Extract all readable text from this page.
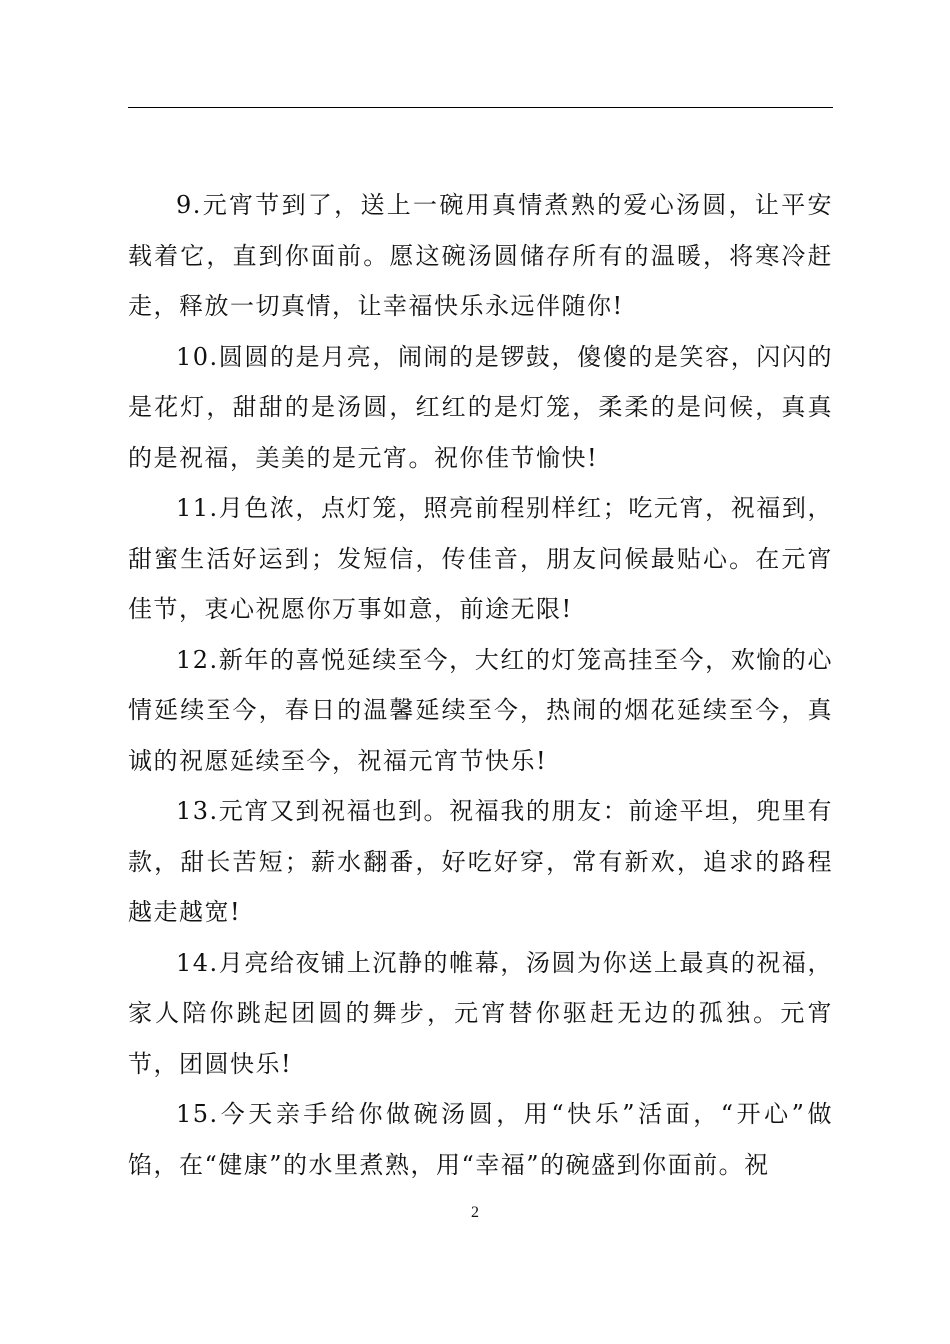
9.元宵节到了，送上一碗用真情煮熟的爱心汤圆，让平安载着它，直到你面前。愿这碗汤圆储存所有的温暖，将寒冷赶走，释放一切真情，让幸福快乐永远伴随你!

10.圆圆的是月亮，闹闹的是锣鼓，傻傻的是笑容，闪闪的是花灯，甜甜的是汤圆，红红的是灯笼，柔柔的是问候，真真的是祝福，美美的是元宵。祝你佳节愉快!

11.月色浓，点灯笼，照亮前程别样红；吃元宵，祝福到，甜蜜生活好运到；发短信，传佳音，朋友问候最贴心。在元宵佳节，衷心祝愿你万事如意，前途无限!

12.新年的喜悦延续至今，大红的灯笼高挂至今，欢愉的心情延续至今，春日的温馨延续至今，热闹的烟花延续至今，真诚的祝愿延续至今，祝福元宵节快乐!

13.元宵又到祝福也到。祝福我的朋友：前途平坦，兜里有款，甜长苦短；薪水翻番，好吃好穿，常有新欢，追求的路程越走越宽!

14.月亮给夜铺上沉静的帷幕，汤圆为你送上最真的祝福，家人陪你跳起团圆的舞步，元宵替你驱赶无边的孤独。元宵节，团圆快乐!

15.今天亲手给你做碗汤圆，用“快乐”活面，“开心”做馅，在“健康”的水里煮熟，用“幸福”的碗盛到你面前。祝

2
